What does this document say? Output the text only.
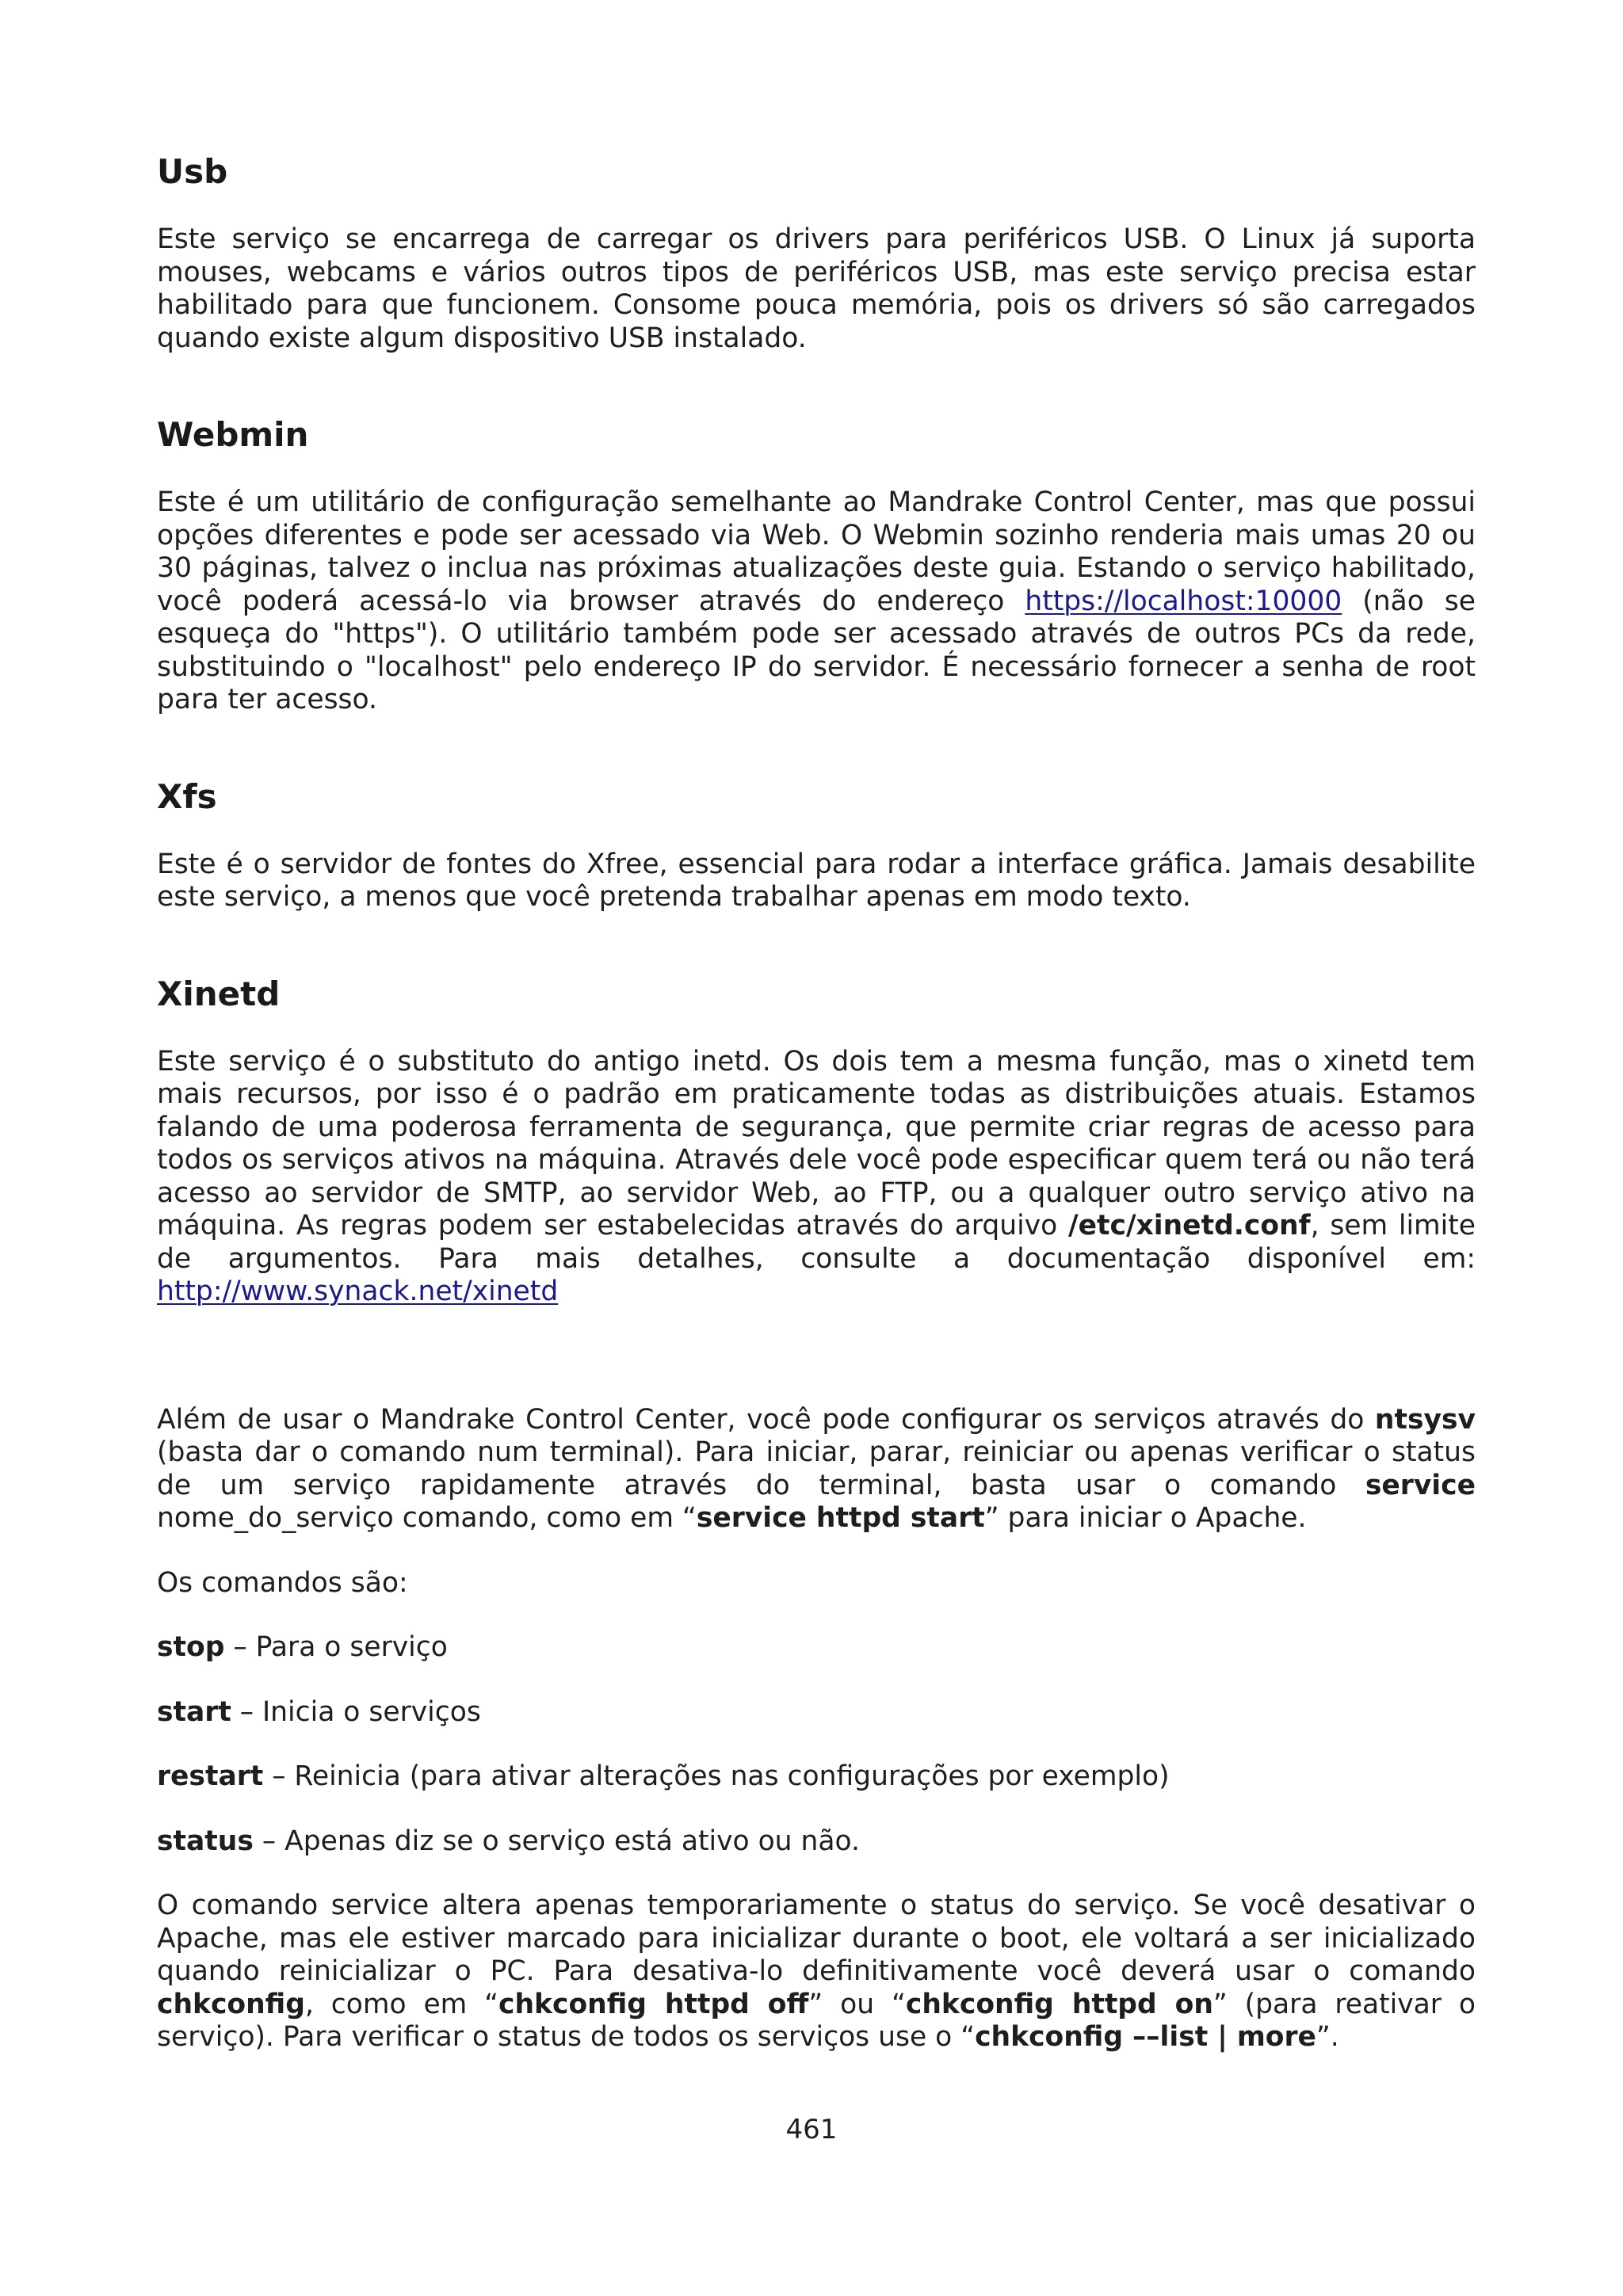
Usb

Este serviço se encarrega de carregar os drivers para periféricos USB. O Linux já suporta mouses, webcams e vários outros tipos de periféricos USB, mas este serviço precisa estar habilitado para que funcionem. Consome pouca memória, pois os drivers só são carregados quando existe algum dispositivo USB instalado.

Webmin

Este é um utilitário de configuração semelhante ao Mandrake Control Center, mas que possui opções diferentes e pode ser acessado via Web. O Webmin sozinho renderia mais umas 20 ou 30 páginas, talvez o inclua nas próximas atualizações deste guia. Estando o serviço habilitado, você poderá acessá-lo via browser através do endereço https://localhost:10000 (não se esqueça do "https"). O utilitário também pode ser acessado através de outros PCs da rede, substituindo o "localhost" pelo endereço IP do servidor. É necessário fornecer a senha de root para ter acesso.

Xfs

Este é o servidor de fontes do Xfree, essencial para rodar a interface gráfica. Jamais desabilite este serviço, a menos que você pretenda trabalhar apenas em modo texto.

Xinetd

Este serviço é o substituto do antigo inetd. Os dois tem a mesma função, mas o xinetd tem mais recursos, por isso é o padrão em praticamente todas as distribuições atuais. Estamos falando de uma poderosa ferramenta de segurança, que permite criar regras de acesso para todos os serviços ativos na máquina. Através dele você pode especificar quem terá ou não terá acesso ao servidor de SMTP, ao servidor Web, ao FTP, ou a qualquer outro serviço ativo na máquina. As regras podem ser estabelecidas através do arquivo /etc/xinetd.conf, sem limite de argumentos. Para mais detalhes, consulte a documentação disponível em: http://www.synack.net/xinetd

Além de usar o Mandrake Control Center, você pode configurar os serviços através do ntsysv (basta dar o comando num terminal). Para iniciar, parar, reiniciar ou apenas verificar o status de um serviço rapidamente através do terminal, basta usar o comando service nome_do_serviço comando, como em “service httpd start” para iniciar o Apache.

Os comandos são:

stop – Para o serviço

start – Inicia o serviços

restart – Reinicia (para ativar alterações nas configurações por exemplo)

status – Apenas diz se o serviço está ativo ou não.

O comando service altera apenas temporariamente o status do serviço. Se você desativar o Apache, mas ele estiver marcado para inicializar durante o boot, ele voltará a ser inicializado quando reinicializar o PC. Para desativa-lo definitivamente você deverá usar o comando chkconfig, como em “chkconfig httpd off” ou “chkconfig httpd on” (para reativar o serviço). Para verificar o status de todos os serviços use o “chkconfig ––list | more”.

461
